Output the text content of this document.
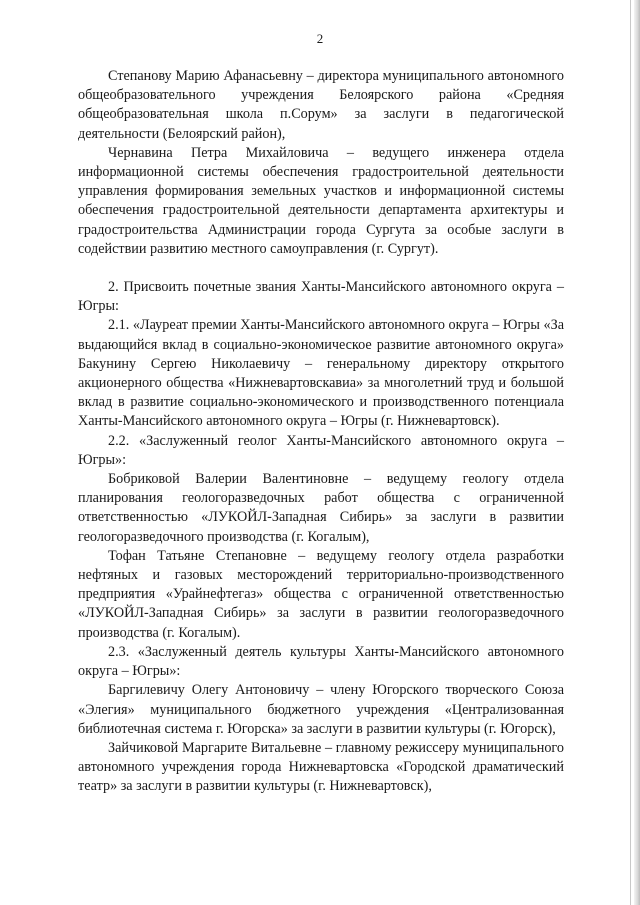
2

Степанову Марию Афанасьевну – директора муниципального автономного общеобразовательного учреждения Белоярского района «Средняя общеобразовательная школа п.Сорум» за заслуги в педагогической деятельности (Белоярский район),

Чернавина Петра Михайловича – ведущего инженера отдела информационной системы обеспечения градостроительной деятельности управления формирования земельных участков и информационной системы обеспечения градостроительной деятельности департамента архитектуры и градостроительства Администрации города Сургута за особые заслуги в содействии развитию местного самоуправления (г. Сургут).

2. Присвоить почетные звания Ханты-Мансийского автономного округа – Югры:

2.1. «Лауреат премии Ханты-Мансийского автономного округа – Югры «За выдающийся вклад в социально-экономическое развитие автономного округа» Бакунину Сергею Николаевичу – генеральному директору открытого акционерного общества «Нижневартовскавиа» за многолетний труд и большой вклад в развитие социально-экономического и производственного потенциала Ханты-Мансийского автономного округа – Югры (г. Нижневартовск).

2.2. «Заслуженный геолог Ханты-Мансийского автономного округа – Югры»:

Бобриковой Валерии Валентиновне – ведущему геологу отдела планирования геологоразведочных работ общества с ограниченной ответственностью «ЛУКОЙЛ-Западная Сибирь» за заслуги в развитии геологоразведочного производства (г. Когалым),

Тофан Татьяне Степановне – ведущему геологу отдела разработки нефтяных и газовых месторождений территориально-производственного предприятия «Урайнефтегаз» общества с ограниченной ответственностью «ЛУКОЙЛ-Западная Сибирь» за заслуги в развитии геологоразведочного производства (г. Когалым).

2.3. «Заслуженный деятель культуры Ханты-Мансийского автономного округа – Югры»:

Баргилевичу Олегу Антоновичу – члену Югорского творческого Союза «Элегия» муниципального бюджетного учреждения «Централизованная библиотечная система г. Югорска» за заслуги в развитии культуры (г. Югорск),

Зайчиковой Маргарите Витальевне – главному режиссеру муниципального автономного учреждения города Нижневартовска «Городской драматический театр» за заслуги в развитии культуры (г. Нижневартовск),
